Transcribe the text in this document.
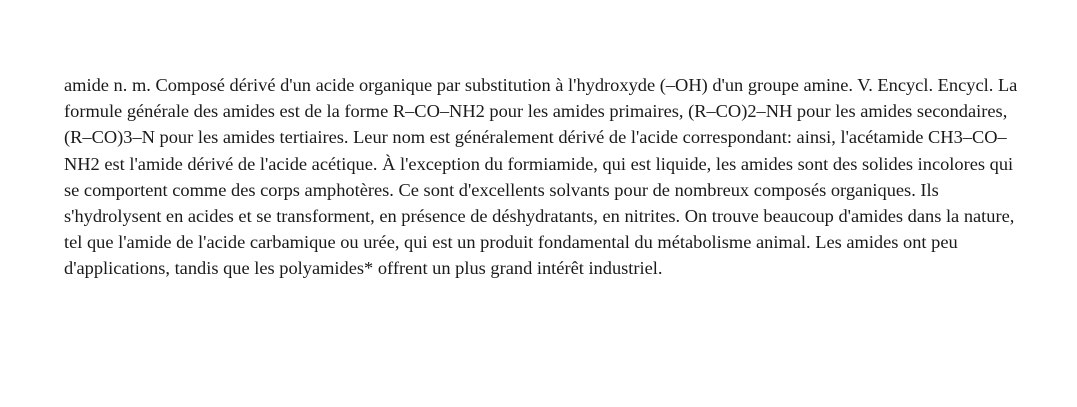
amide n. m. Composé dérivé d'un acide organique par substitution à l'hydroxyde (–OH) d'un groupe amine. V. Encycl. Encycl. La formule générale des amides est de la forme R–CO–NH2 pour les amides primaires, (R–CO)2–NH pour les amides secondaires, (R–CO)3–N pour les amides tertiaires. Leur nom est généralement dérivé de l'acide correspondant: ainsi, l'acétamide CH3–CO–NH2 est l'amide dérivé de l'acide acétique. À l'exception du formiamide, qui est liquide, les amides sont des solides incolores qui se comportent comme des corps amphotères. Ce sont d'excellents solvants pour de nombreux composés organiques. Ils s'hydrolysent en acides et se transforment, en présence de déshydratants, en nitrites. On trouve beaucoup d'amides dans la nature, tel que l'amide de l'acide carbamique ou urée, qui est un produit fondamental du métabolisme animal. Les amides ont peu d'applications, tandis que les polyamides* offrent un plus grand intérêt industriel.
